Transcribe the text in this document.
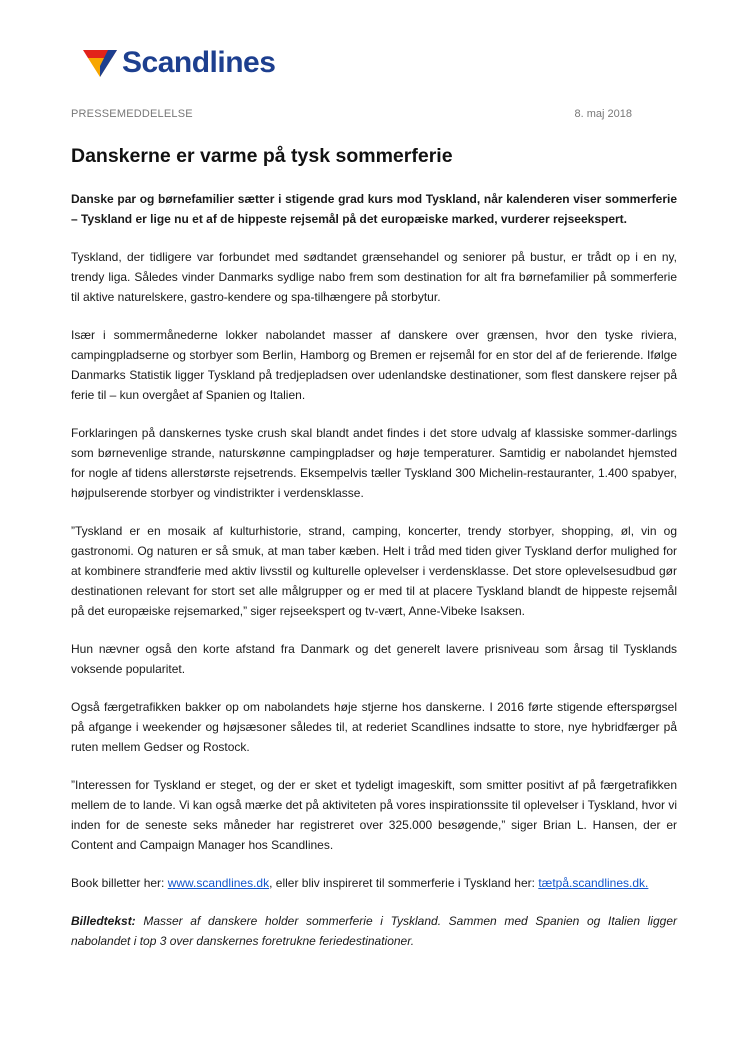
Scandlines
PRESSEMEDDELELSE	8. maj 2018
Danskerne er varme på tysk sommerferie

Danske par og børnefamilier sætter i stigende grad kurs mod Tyskland, når kalenderen viser sommerferie – Tyskland er lige nu et af de hippeste rejsemål på det europæiske marked, vurderer rejseekspert.

Tyskland, der tidligere var forbundet med sødtandet grænsehandel og seniorer på bustur, er trådt op i en ny, trendy liga. Således vinder Danmarks sydlige nabo frem som destination for alt fra børnefamilier på sommerferie til aktive naturelskere, gastro-kendere og spa-tilhængere på storbytur.

Især i sommermånederne lokker nabolandet masser af danskere over grænsen, hvor den tyske riviera, campingpladserne og storbyer som Berlin, Hamborg og Bremen er rejsemål for en stor del af de ferierende. Ifølge Danmarks Statistik ligger Tyskland på tredjepladsen over udenlandske destinationer, som flest danskere rejser på ferie til – kun overgået af Spanien og Italien.

Forklaringen på danskernes tyske crush skal blandt andet findes i det store udvalg af klassiske sommer-darlings som børnevenlige strande, naturskønne campingpladser og høje temperaturer. Samtidig er nabolandet hjemsted for nogle af tidens allerstørste rejsetrends. Eksempelvis tæller Tyskland 300 Michelin-restauranter, 1.400 spabyer, højpulserende storbyer og vindistrikter i verdensklasse.

”Tyskland er en mosaik af kulturhistorie, strand, camping, koncerter, trendy storbyer, shopping, øl, vin og gastronomi. Og naturen er så smuk, at man taber kæben. Helt i tråd med tiden giver Tyskland derfor mulighed for at kombinere strandferie med aktiv livsstil og kulturelle oplevelser i verdensklasse. Det store oplevelsesudbud gør destinationen relevant for stort set alle målgrupper og er med til at placere Tyskland blandt de hippeste rejsemål på det europæiske rejsemarked,” siger rejseekspert og tv-vært, Anne-Vibeke Isaksen.

Hun nævner også den korte afstand fra Danmark og det generelt lavere prisniveau som årsag til Tysklands voksende popularitet.

Også færgetrafikken bakker op om nabolandets høje stjerne hos danskerne. I 2016 førte stigende efterspørgsel på afgange i weekender og højsæsoner således til, at rederiet Scandlines indsatte to store, nye hybridfærger på ruten mellem Gedser og Rostock.

”Interessen for Tyskland er steget, og der er sket et tydeligt imageskift, som smitter positivt af på færgetrafikken mellem de to lande. Vi kan også mærke det på aktiviteten på vores inspirationssite til oplevelser i Tyskland, hvor vi inden for de seneste seks måneder har registreret over 325.000 besøgende,” siger Brian L. Hansen, der er Content and Campaign Manager hos Scandlines.

Book billetter her: www.scandlines.dk, eller bliv inspireret til sommerferie i Tyskland her: tætpå.scandlines.dk.

Billedtekst: Masser af danskere holder sommerferie i Tyskland. Sammen med Spanien og Italien ligger nabolandet i top 3 over danskernes foretrukne feriedestinationer.
